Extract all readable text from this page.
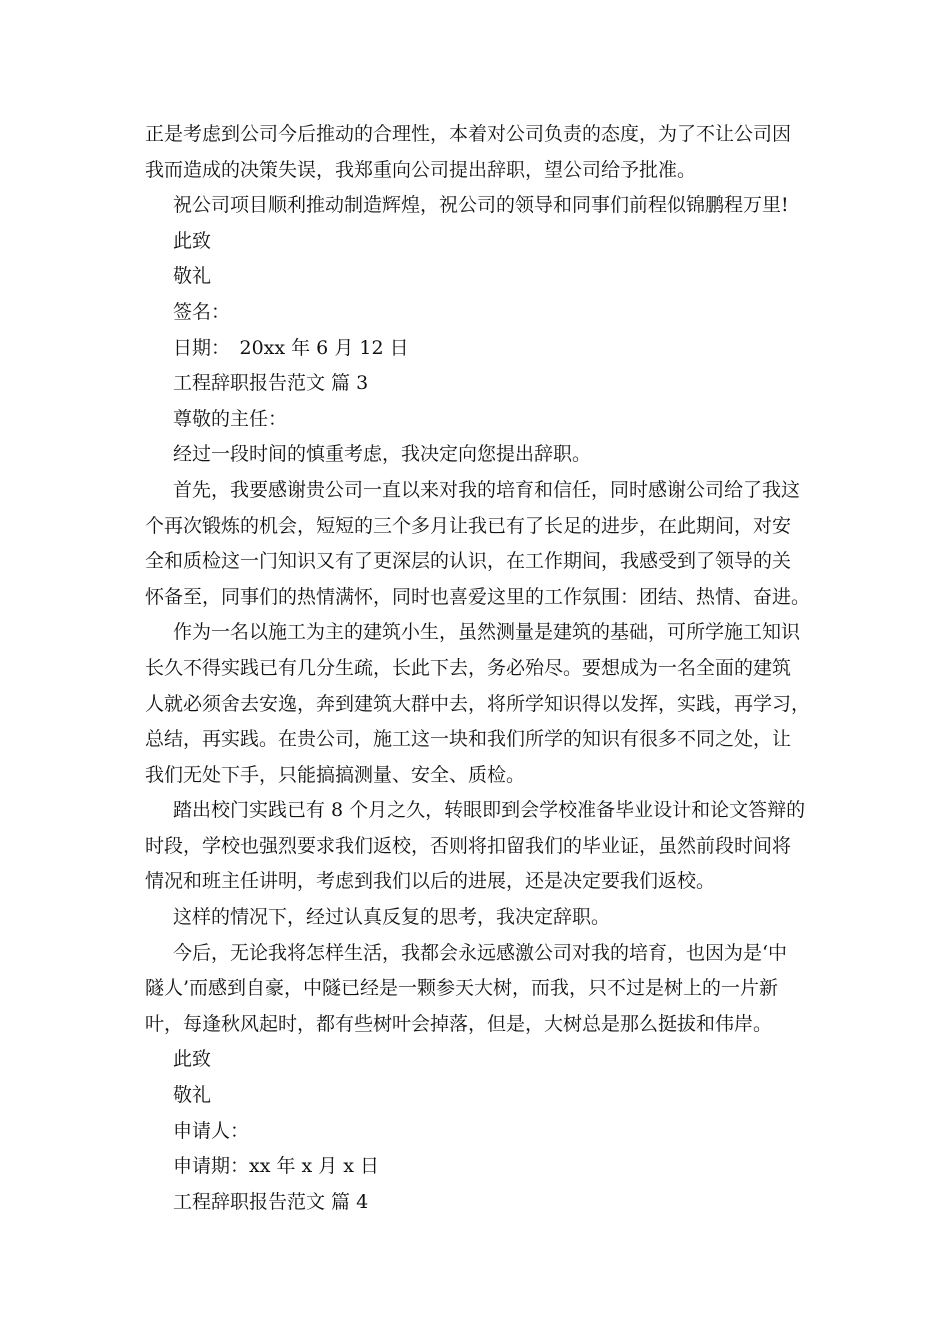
正是考虑到公司今后推动的合理性，本着对公司负责的态度，为了不让公司因
我而造成的决策失误，我郑重向公司提出辞职，望公司给予批准。
祝公司项目顺利推动制造辉煌，祝公司的领导和同事们前程似锦鹏程万里!
此致
敬礼
签名：
日期：　20xx 年 6 月 12 日
工程辞职报告范文 篇 3
尊敬的主任：
经过一段时间的慎重考虑，我决定向您提出辞职。
首先，我要感谢贵公司一直以来对我的培育和信任，同时感谢公司给了我这
个再次锻炼的机会，短短的三个多月让我已有了长足的进步，在此期间，对安
全和质检这一门知识又有了更深层的认识，在工作期间，我感受到了领导的关
怀备至，同事们的热情满怀，同时也喜爱这里的工作氛围：团结、热情、奋进。
作为一名以施工为主的建筑小生，虽然测量是建筑的基础，可所学施工知识
长久不得实践已有几分生疏，长此下去，务必殆尽。要想成为一名全面的建筑
人就必须舍去安逸，奔到建筑大群中去，将所学知识得以发挥，实践，再学习，
总结，再实践。在贵公司，施工这一块和我们所学的知识有很多不同之处，让
我们无处下手，只能搞搞测量、安全、质检。
踏出校门实践已有 8 个月之久，转眼即到会学校准备毕业设计和论文答辩的
时段，学校也强烈要求我们返校，否则将扣留我们的毕业证，虽然前段时间将
情况和班主任讲明，考虑到我们以后的进展，还是决定要我们返校。
这样的情况下，经过认真反复的思考，我决定辞职。
今后，无论我将怎样生活，我都会永远感激公司对我的培育，也因为是‘中
隧人’而感到自豪，中隧已经是一颗参天大树，而我，只不过是树上的一片新
叶，每逢秋风起时，都有些树叶会掉落，但是，大树总是那么挺拔和伟岸。
此致
敬礼
申请人：
申请期：xx 年 x 月 x 日
工程辞职报告范文 篇 4
